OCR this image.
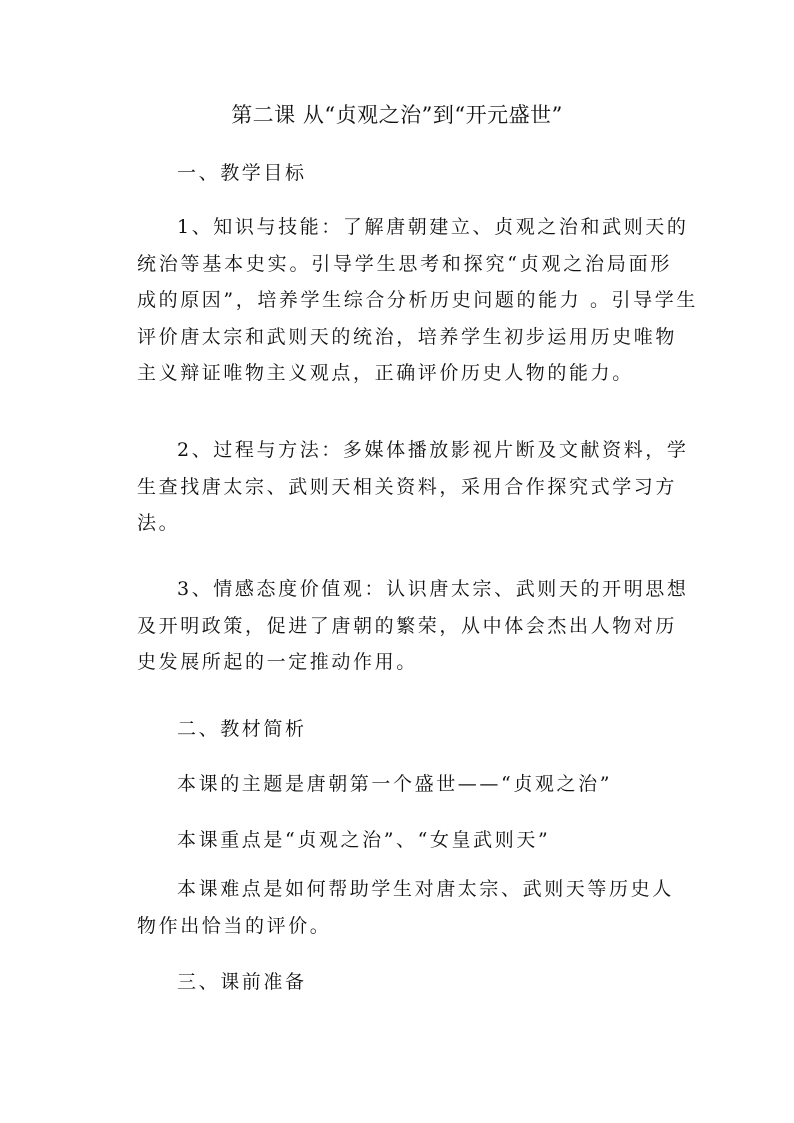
第二课 从“贞观之治”到“开元盛世”
一、教学目标
1、知识与技能：了解唐朝建立、贞观之治和武则天的
统治等基本史实。引导学生思考和探究“贞观之治局面形
成的原因”，培养学生综合分析历史问题的能力 。引导学生
评价唐太宗和武则天的统治，培养学生初步运用历史唯物
主义辩证唯物主义观点，正确评价历史人物的能力。
2、过程与方法：多媒体播放影视片断及文献资料，学
生查找唐太宗、武则天相关资料，采用合作探究式学习方
法。
3、情感态度价值观：认识唐太宗、武则天的开明思想
及开明政策，促进了唐朝的繁荣，从中体会杰出人物对历
史发展所起的一定推动作用。
二、教材简析
本课的主题是唐朝第一个盛世——“贞观之治”
本课重点是“贞观之治”、“女皇武则天”
本课难点是如何帮助学生对唐太宗、武则天等历史人
物作出恰当的评价。
三、课前准备
